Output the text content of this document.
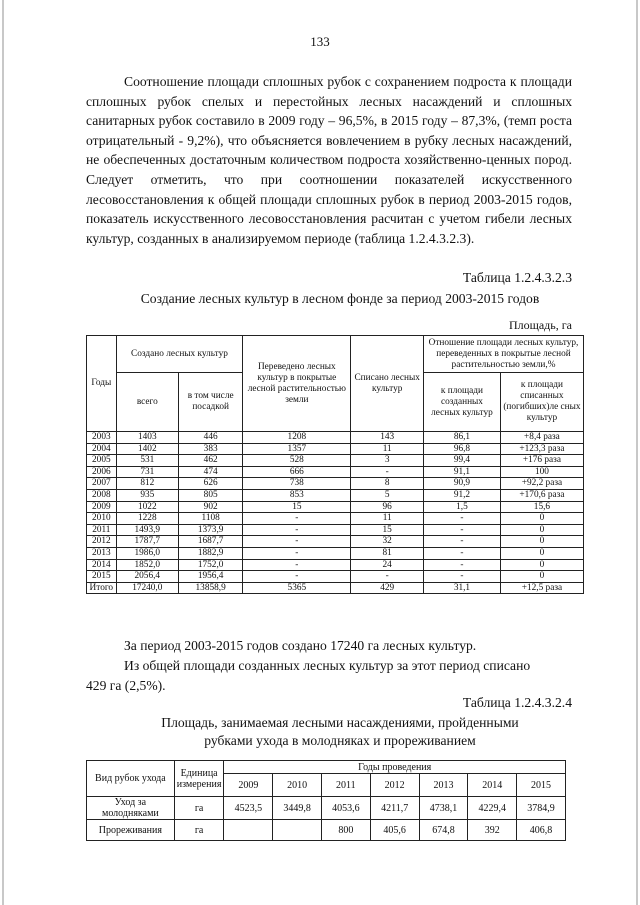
133
Соотношение площади сплошных рубок с сохранением подроста к площади сплошных рубок спелых и перестойных лесных насаждений и сплошных санитарных рубок составило в 2009 году – 96,5%, в 2015 году – 87,3%, (темп роста отрицательный - 9,2%), что объясняется вовлечением в рубку лесных насаждений, не обеспеченных достаточным количеством подроста хозяйственно-ценных пород. Следует отметить, что при соотношении показателей искусственного лесовосстановления к общей площади сплошных рубок в период 2003-2015 годов, показатель искусственного лесовосстановления расчитан с учетом гибели лесных культур, созданных в анализируемом периоде (таблица 1.2.4.3.2.3).
Таблица 1.2.4.3.2.3
Создание лесных культур в лесном фонде за период 2003-2015 годов
Площадь, га
Годы	Создано лесных культур		Переведено лесных культур в покрытые лесной растительностью земли	Списано лесных культур	Отношение площади лесных культур, переведенных в покрытые лесной растительностью земли,%	
	всего	в том числе посадкой			к площади созданных лесных культур	к площади списанных (погибших)ле сных культур
2003	1403	446	1208	143	86,1	+8,4 раза
2004	1402	383	1357	11	96,8	+123,3 раза
2005	531	462	528	3	99,4	+176 раза
2006	731	474	666	-	91,1	100
2007	812	626	738	8	90,9	+92,2 раза
2008	935	805	853	5	91,2	+170,6 раза
2009	1022	902	15	96	1,5	15,6
2010	1228	1108	-	11	-	0
2011	1493,9	1373,9	-	15	-	0
2012	1787,7	1687,7	-	32	-	0
2013	1986,0	1882,9	-	81	-	0
2014	1852,0	1752,0	-	24	-	0
2015	2056,4	1956,4	-	-	-	0
Итого	17240,0	13858,9	5365	429	31,1	+12,5 раза
За период 2003-2015 годов создано 17240 га лесных культур.
Из общей площади созданных лесных культур за этот период списано
429 га (2,5%).
Таблица 1.2.4.3.2.4
Площадь, занимаемая лесными насаждениями, пройденными
рубками ухода в молодняках и прореживанием
Вид рубок ухода	Единица измерения	Годы проведения						
		2009	2010	2011	2012	2013	2014	2015
Уход за молодняками	га	4523,5	3449,8	4053,6	4211,7	4738,1	4229,4	3784,9
Прореживания	га			800	405,6	674,8	392	406,8
